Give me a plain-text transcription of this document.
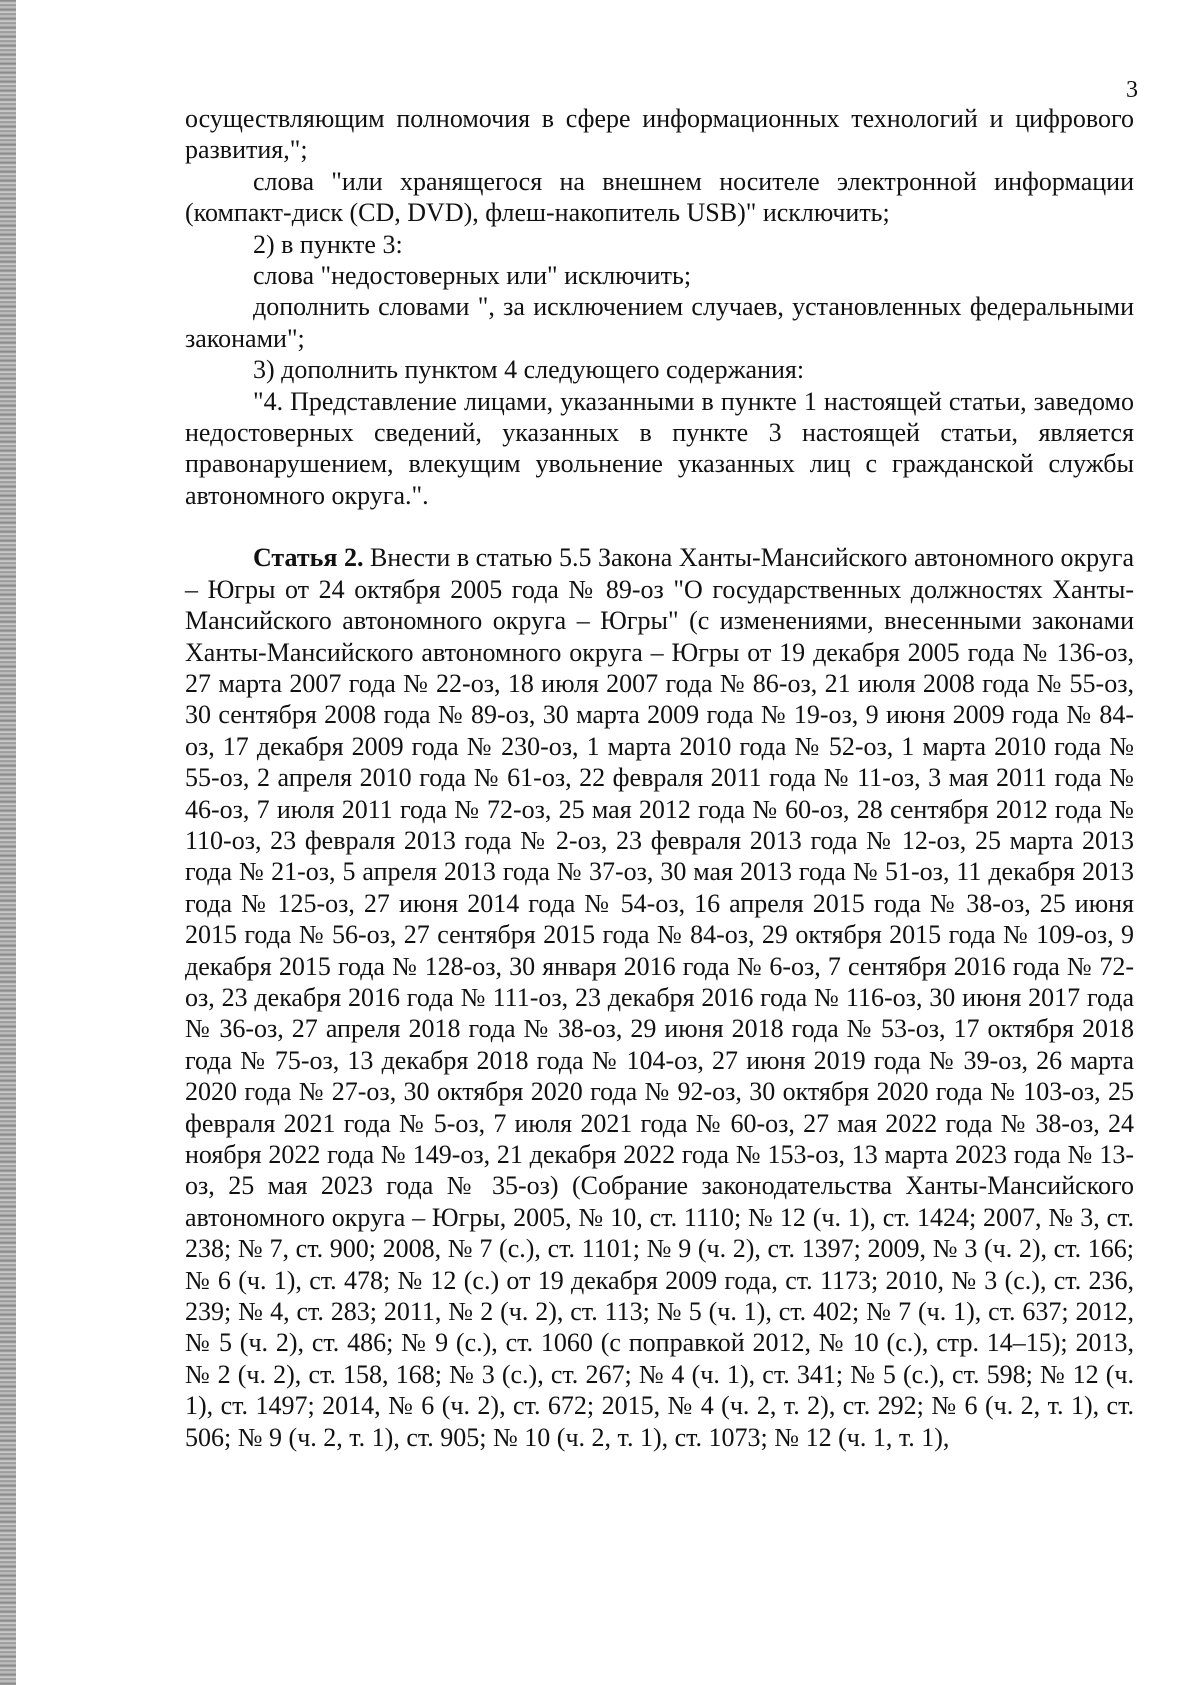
3

осуществляющим полномочия в сфере информационных технологий и цифрового развития,";

слова "или хранящегося на внешнем носителе электронной информации (компакт-диск (CD, DVD), флеш-накопитель USB)" исключить;

2) в пункте 3:

слова "недостоверных или" исключить;

дополнить словами ", за исключением случаев, установленных федеральными законами";

3) дополнить пунктом 4 следующего содержания:

"4. Представление лицами, указанными в пункте 1 настоящей статьи, заведомо недостоверных сведений, указанных в пункте 3 настоящей статьи, является правонарушением, влекущим увольнение указанных лиц с гражданской службы автономного округа.".

Статья 2. Внести в статью 5.5 Закона Ханты-Мансийского автономного округа – Югры от 24 октября 2005 года № 89-оз "О государственных должностях Ханты-Мансийского автономного округа – Югры" (с изменениями, внесенными законами Ханты-Мансийского автономного округа – Югры от 19 декабря 2005 года № 136-оз, 27 марта 2007 года № 22-оз, 18 июля 2007 года № 86-оз, 21 июля 2008 года № 55-оз, 30 сентября 2008 года № 89-оз, 30 марта 2009 года № 19-оз, 9 июня 2009 года № 84-оз, 17 декабря 2009 года № 230-оз, 1 марта 2010 года № 52-оз, 1 марта 2010 года № 55-оз, 2 апреля 2010 года № 61-оз, 22 февраля 2011 года № 11-оз, 3 мая 2011 года № 46-оз, 7 июля 2011 года № 72-оз, 25 мая 2012 года № 60-оз, 28 сентября 2012 года № 110-оз, 23 февраля 2013 года № 2-оз, 23 февраля 2013 года № 12-оз, 25 марта 2013 года № 21-оз, 5 апреля 2013 года № 37-оз, 30 мая 2013 года № 51-оз, 11 декабря 2013 года № 125-оз, 27 июня 2014 года № 54-оз, 16 апреля 2015 года № 38-оз, 25 июня 2015 года № 56-оз, 27 сентября 2015 года № 84-оз, 29 октября 2015 года № 109-оз, 9 декабря 2015 года № 128-оз, 30 января 2016 года № 6-оз, 7 сентября 2016 года № 72-оз, 23 декабря 2016 года № 111-оз, 23 декабря 2016 года № 116-оз, 30 июня 2017 года № 36-оз, 27 апреля 2018 года № 38-оз, 29 июня 2018 года № 53-оз, 17 октября 2018 года № 75-оз, 13 декабря 2018 года № 104-оз, 27 июня 2019 года № 39-оз, 26 марта 2020 года № 27-оз, 30 октября 2020 года № 92-оз, 30 октября 2020 года № 103-оз, 25 февраля 2021 года № 5-оз, 7 июля 2021 года № 60-оз, 27 мая 2022 года № 38-оз, 24 ноября 2022 года № 149-оз, 21 декабря 2022 года № 153-оз, 13 марта 2023 года № 13-оз, 25 мая 2023 года № 35-оз) (Собрание законодательства Ханты-Мансийского автономного округа – Югры, 2005, № 10, ст. 1110; № 12 (ч. 1), ст. 1424; 2007, № 3, ст. 238; № 7, ст. 900; 2008, № 7 (с.), ст. 1101; № 9 (ч. 2), ст. 1397; 2009, № 3 (ч. 2), ст. 166; № 6 (ч. 1), ст. 478; № 12 (с.) от 19 декабря 2009 года, ст. 1173; 2010, № 3 (с.), ст. 236, 239; № 4, ст. 283; 2011, № 2 (ч. 2), ст. 113; № 5 (ч. 1), ст. 402; № 7 (ч. 1), ст. 637; 2012, № 5 (ч. 2), ст. 486; № 9 (с.), ст. 1060 (с поправкой 2012, № 10 (с.), стр. 14–15); 2013, № 2 (ч. 2), ст. 158, 168; № 3 (с.), ст. 267; № 4 (ч. 1), ст. 341; № 5 (с.), ст. 598; № 12 (ч. 1), ст. 1497; 2014, № 6 (ч. 2), ст. 672; 2015, № 4 (ч. 2, т. 2), ст. 292; № 6 (ч. 2, т. 1), ст. 506; № 9 (ч. 2, т. 1), ст. 905; № 10 (ч. 2, т. 1), ст. 1073; № 12 (ч. 1, т. 1),
